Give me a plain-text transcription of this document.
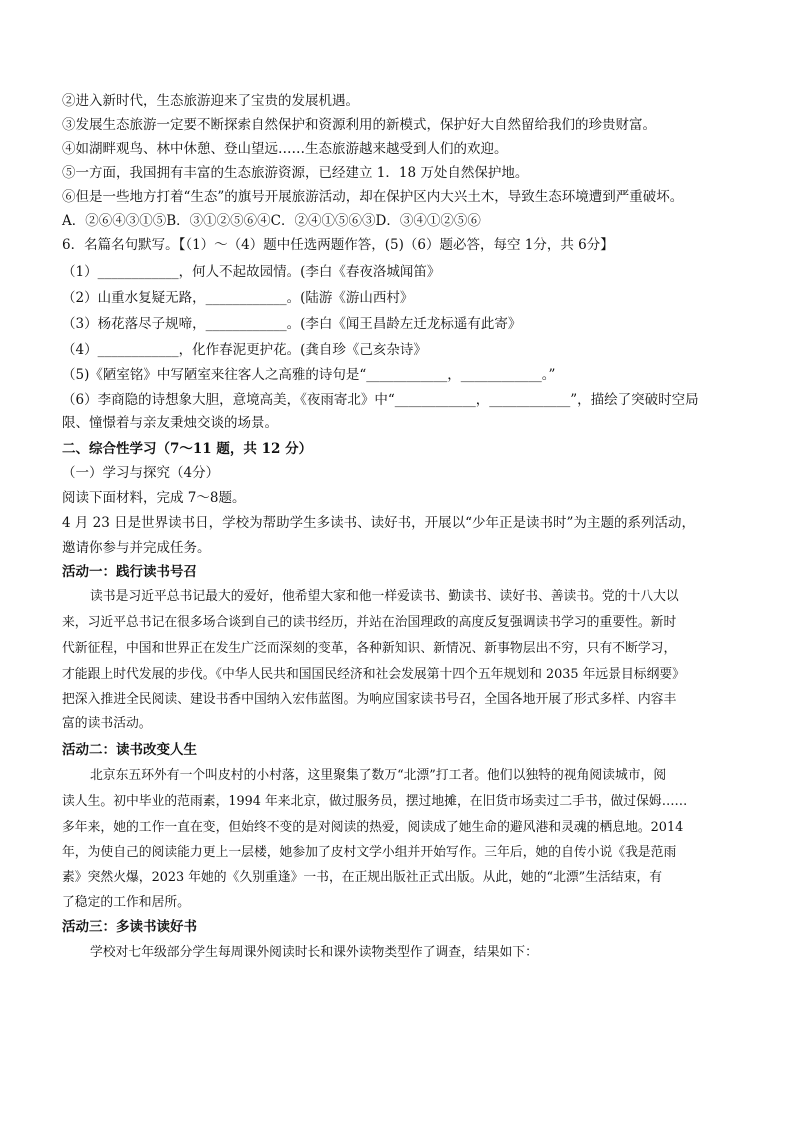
②进入新时代，生态旅游迎来了宝贵的发展机遇。
③发展生态旅游一定要不断探索自然保护和资源利用的新模式，保护好大自然留给我们的珍贵财富。
④如湖畔观鸟、林中休憩、登山望远……生态旅游越来越受到人们的欢迎。
⑤一方面，我国拥有丰富的生态旅游资源，已经建立 1．18 万处自然保护地。
⑥但是一些地方打着“生态”的旗号开展旅游活动，却在保护区内大兴土木，导致生态环境遭到严重破坏。
A．②⑥④③①⑤B．③①②⑤⑥④C．②④①⑤⑥③D．③④①②⑤⑥
6．名篇名句默写。【（1）～（4）题中任选两题作答，(5)（6）题必答，每空 1分，共 6分】
（1）____________，何人不起故园情。(李白《春夜洛城闻笛》
（2）山重水复疑无路，____________。(陆游《游山西村》
（3）杨花落尽子规啼，____________。(李白《闻王昌龄左迁龙标遥有此寄》
（4）____________，化作春泥更护花。(龚自珍《己亥杂诗》
（5)《陋室铭》中写陋室来往客人之高雅的诗句是“____________，____________。”
（6）李商隐的诗想象大胆，意境高美，《夜雨寄北》中“____________，____________”，描绘了突破时空局
限、憧憬着与亲友秉烛交谈的场景。
二、综合性学习（7～11 题，共 12 分）
（一）学习与探究（4分）
阅读下面材料，完成 7～8题。
4 月 23 日是世界读书日，学校为帮助学生多读书、读好书，开展以“少年正是读书时”为主题的系列活动，
邀请你参与并完成任务。
活动一：践行读书号召
读书是习近平总书记最大的爱好，他希望大家和他一样爱读书、勤读书、读好书、善读书。党的十八大以
来，习近平总书记在很多场合谈到自己的读书经历，并站在治国理政的高度反复强调读书学习的重要性。新时
代新征程，中国和世界正在发生广泛而深刻的变革，各种新知识、新情况、新事物层出不穷，只有不断学习，
才能跟上时代发展的步伐。《中华人民共和国国民经济和社会发展第十四个五年规划和 2035 年远景目标纲要》
把深入推进全民阅读、建设书香中国纳入宏伟蓝图。为响应国家读书号召，全国各地开展了形式多样、内容丰
富的读书活动。
活动二：读书改变人生
北京东五环外有一个叫皮村的小村落，这里聚集了数万“北漂”打工者。他们以独特的视角阅读城市，阅
读人生。初中毕业的范雨素，1994 年来北京，做过服务员，摆过地摊，在旧货市场卖过二手书，做过保姆……
多年来，她的工作一直在变，但始终不变的是对阅读的热爱，阅读成了她生命的避风港和灵魂的栖息地。2014
年，为使自己的阅读能力更上一层楼，她参加了皮村文学小组并开始写作。三年后，她的自传小说《我是范雨
素》突然火爆，2023 年她的《久别重逢》一书，在正规出版社正式出版。从此，她的“北漂”生活结束，有
了稳定的工作和居所。
活动三：多读书读好书
学校对七年级部分学生每周课外阅读时长和课外读物类型作了调查，结果如下：
